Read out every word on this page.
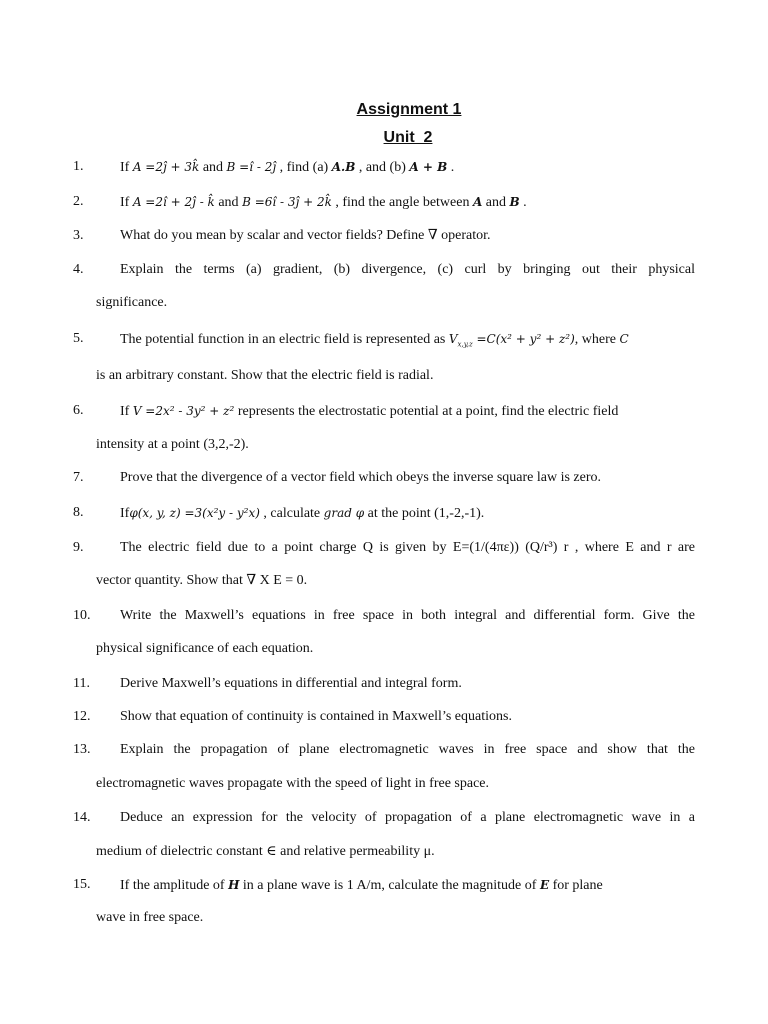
Assignment 1
Unit  2
1.	If A =2ĵ + 3k̂ and B =î - 2ĵ , find (a) A.B , and (b) A + B .
2.	If A =2î + 2ĵ - k̂ and B =6î - 3ĵ + 2k̂ , find the angle between A and B .
3.	What do you mean by scalar and vector fields? Define ∇ operator.
4.	Explain the terms (a) gradient, (b) divergence, (c) curl by bringing out their physical
significance.
5.	The potential function in an electric field is represented as $V_{x,y,z} =C(x^2 + y^2 + z^2)$, where C
is an arbitrary constant. Show that the electric field is radial.
6.	If V =2x² - 3y² + z² represents the electrostatic potential at a point, find the electric field
intensity at a point (3,2,-2).
7.	Prove that the divergence of a vector field which obeys the inverse square law is zero.
8.	Ifφ(x, y, z) =3(x²y - y²x) , calculate grad φ at the point (1,-2,-1).
9.	The electric field due to a point charge Q is given by E=(1/(4πε)) (Q/r³) r , where E and r are
vector quantity. Show that ∇ X E = 0.
10.	Write the Maxwell’s equations in free space in both integral and differential form. Give the
physical significance of each equation.
11.	Derive Maxwell’s equations in differential and integral form.
12.	Show that equation of continuity is contained in Maxwell’s equations.
13.	Explain the propagation of plane electromagnetic waves in free space and show that the
electromagnetic waves propagate with the speed of light in free space.
14.	Deduce an expression for the velocity of propagation of a plane electromagnetic wave in a
medium of dielectric constant ∈ and relative permeability μ.
15.	If the amplitude of H in a plane wave is 1 A/m, calculate the magnitude of E for plane
wave in free space.
